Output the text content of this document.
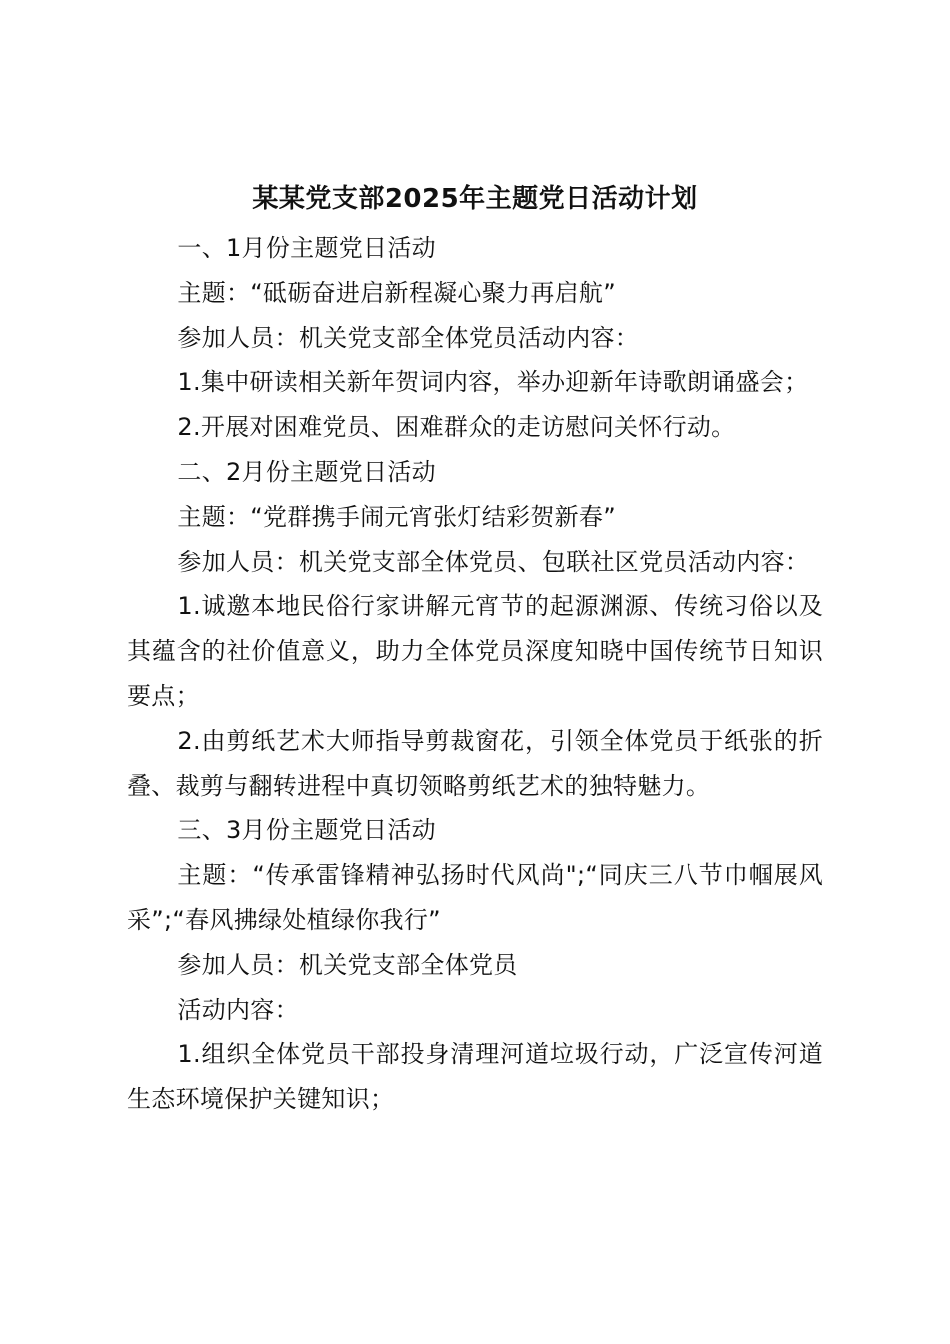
某某党支部2025年主题党日活动计划

一、1月份主题党日活动

主题：“砥砺奋进启新程凝心聚力再启航”

参加人员：机关党支部全体党员活动内容：

1.集中研读相关新年贺词内容，举办迎新年诗歌朗诵盛会；

2.开展对困难党员、困难群众的走访慰问关怀行动。

二、2月份主题党日活动

主题：“党群携手闹元宵张灯结彩贺新春”

参加人员：机关党支部全体党员、包联社区党员活动内容：

1.诚邀本地民俗行家讲解元宵节的起源渊源、传统习俗以及其蕴含的社价值意义，助力全体党员深度知晓中国传统节日知识要点；

2.由剪纸艺术大师指导剪裁窗花，引领全体党员于纸张的折叠、裁剪与翻转进程中真切领略剪纸艺术的独特魅力。

三、3月份主题党日活动

主题：“传承雷锋精神弘扬时代风尚";“同庆三八节巾帼展风采”;“春风拂绿处植绿你我行”

参加人员：机关党支部全体党员

活动内容：

1.组织全体党员干部投身清理河道垃圾行动，广泛宣传河道生态环境保护关键知识；
